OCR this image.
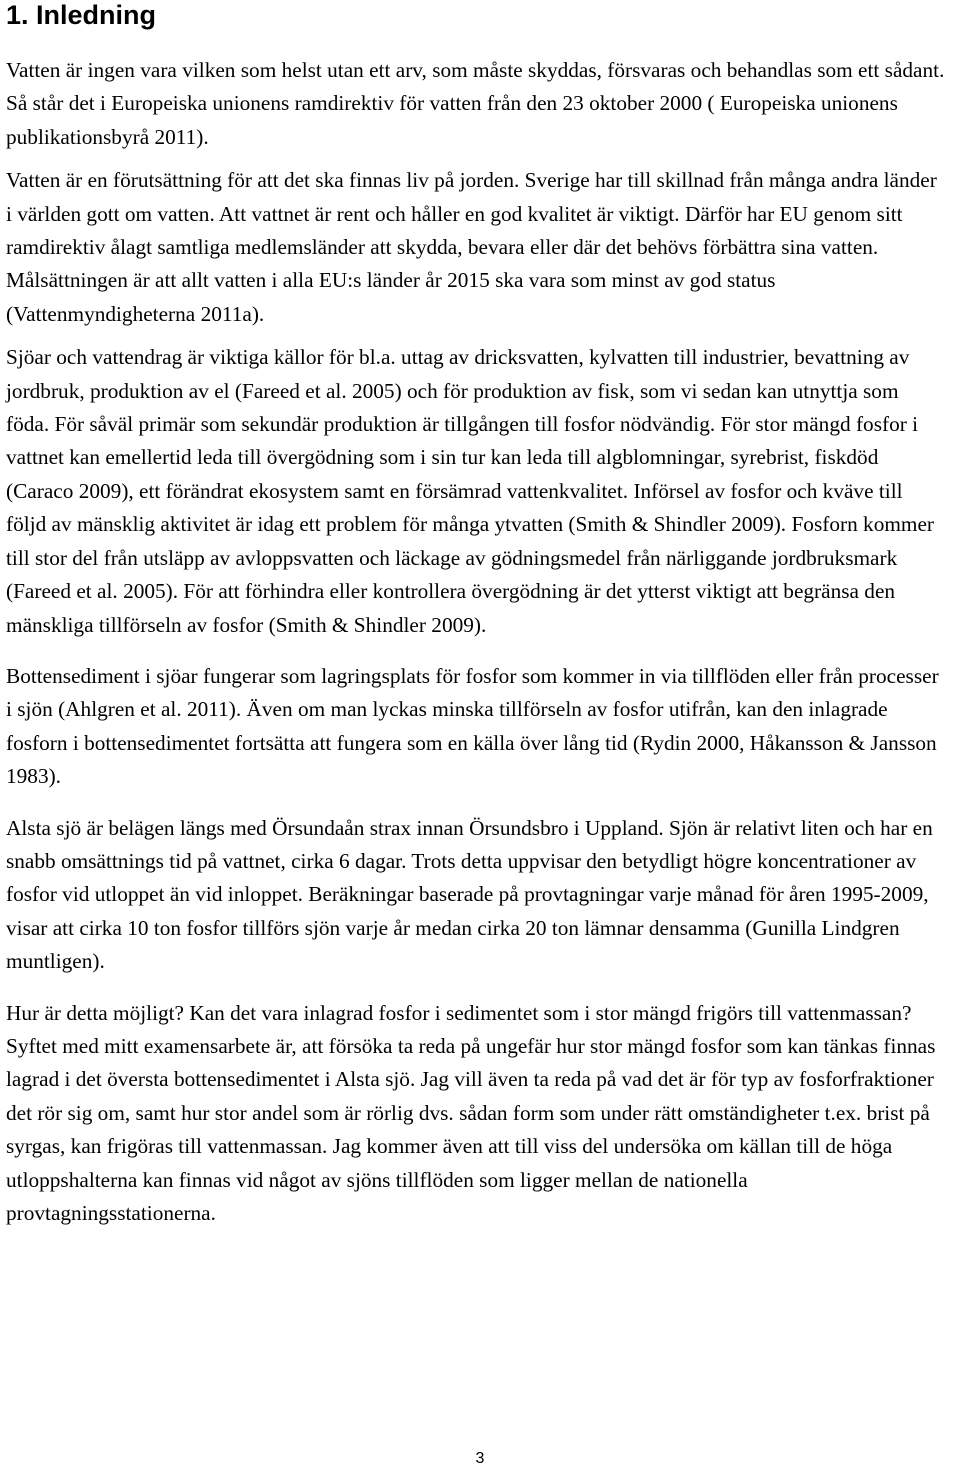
1. Inledning

Vatten är ingen vara vilken som helst utan ett arv, som måste skyddas, försvaras och behandlas som ett sådant. Så står det i Europeiska unionens ramdirektiv för vatten från den 23 oktober 2000 ( Europeiska unionens publikationsbyrå 2011).

Vatten är en förutsättning för att det ska finnas liv på jorden. Sverige har till skillnad från många andra länder i världen gott om vatten. Att vattnet är rent och håller en god kvalitet är viktigt. Därför har EU genom sitt ramdirektiv ålagt samtliga medlemsländer att skydda, bevara eller där det behövs förbättra sina vatten. Målsättningen är att allt vatten i alla EU:s länder år 2015 ska vara som minst av god status (Vattenmyndigheterna 2011a).

Sjöar och vattendrag är viktiga källor för bl.a. uttag av dricksvatten, kylvatten till industrier, bevattning av jordbruk, produktion av el (Fareed et al. 2005) och för produktion av fisk, som vi sedan kan utnyttja som föda. För såväl primär som sekundär produktion är tillgången till fosfor nödvändig. För stor mängd fosfor i vattnet kan emellertid leda till övergödning som i sin tur kan leda till algblomningar, syrebrist, fiskdöd (Caraco 2009), ett förändrat ekosystem samt en försämrad vattenkvalitet. Införsel av fosfor och kväve till följd av mänsklig aktivitet är idag ett problem för många ytvatten (Smith & Shindler 2009). Fosforn kommer till stor del från utsläpp av avloppsvatten och läckage av gödningsmedel från närliggande jordbruksmark (Fareed et al. 2005). För att förhindra eller kontrollera övergödning är det ytterst viktigt att begränsa den mänskliga tillförseln av fosfor (Smith & Shindler 2009).

Bottensediment i sjöar fungerar som lagringsplats för fosfor som kommer in via tillflöden eller från processer i sjön (Ahlgren et al. 2011). Även om man lyckas minska tillförseln av fosfor utifrån, kan den inlagrade fosforn i bottensedimentet fortsätta att fungera som en källa över lång tid (Rydin 2000, Håkansson & Jansson 1983).

Alsta sjö är belägen längs med Örsundaån strax innan Örsundsbro i Uppland. Sjön är relativt liten och har en snabb omsättnings tid på vattnet, cirka 6 dagar. Trots detta uppvisar den betydligt högre koncentrationer av fosfor vid utloppet än vid inloppet. Beräkningar baserade på provtagningar varje månad för åren 1995-2009, visar att cirka 10 ton fosfor tillförs sjön varje år medan cirka 20 ton lämnar densamma (Gunilla Lindgren muntligen).

Hur är detta möjligt? Kan det vara inlagrad fosfor i sedimentet som i stor mängd frigörs till vattenmassan? Syftet med mitt examensarbete är, att försöka ta reda på ungefär hur stor mängd fosfor som kan tänkas finnas lagrad i det översta bottensedimentet i Alsta sjö. Jag vill även ta reda på vad det är för typ av fosforfraktioner det rör sig om, samt hur stor andel som är rörlig dvs. sådan form som under rätt omständigheter t.ex. brist på syrgas, kan frigöras till vattenmassan. Jag kommer även att till viss del undersöka om källan till de höga utloppshalterna kan finnas vid något av sjöns tillflöden som ligger mellan de nationella provtagningsstationerna.

3
